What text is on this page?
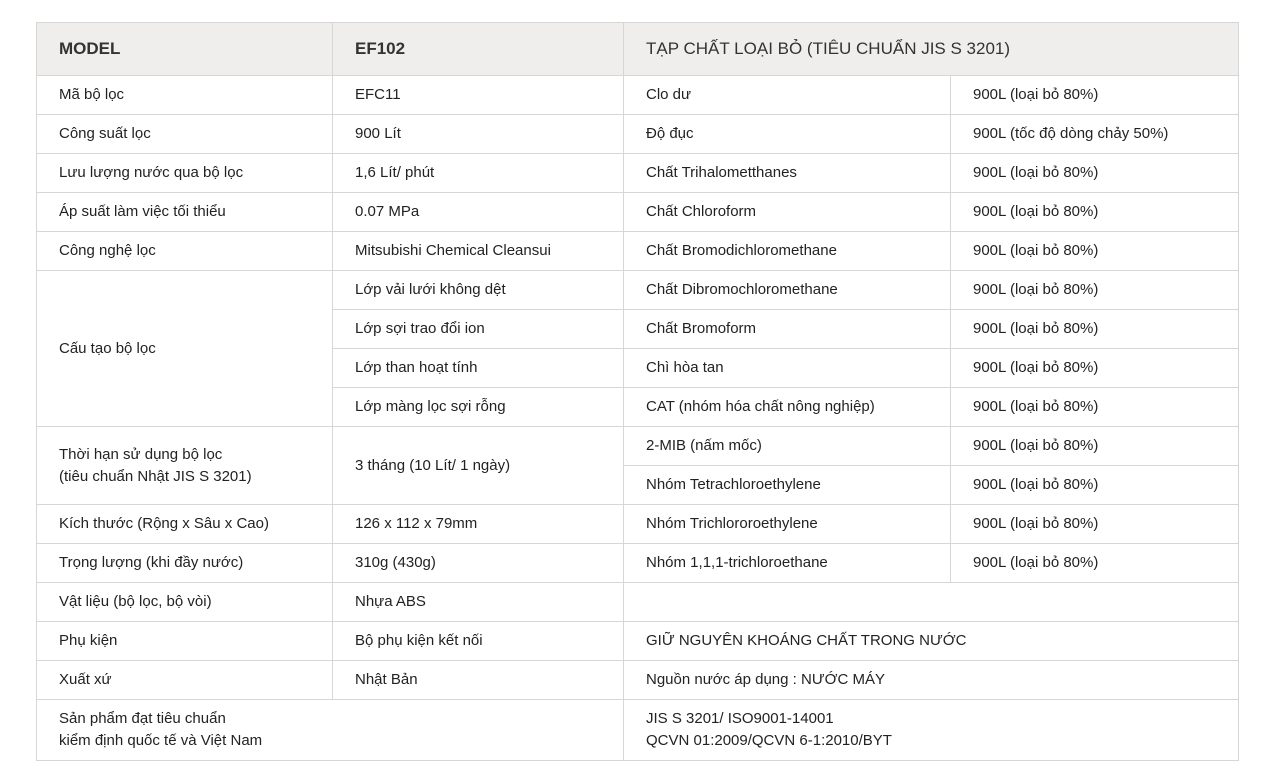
MODEL	EF102	TẠP CHẤT LOẠI BỎ (TIÊU CHUẨN JIS S 3201)	
Mã bộ lọc	EFC11	Clo dư	900L (loại bỏ 80%)
Công suất lọc	900 Lít	Độ đục	900L (tốc độ dòng chảy 50%)
Lưu lượng nước qua bộ lọc	1,6 Lít/ phút	Chất Trihalometthanes	900L (loại bỏ 80%)
Áp suất làm việc tối thiểu	0.07 MPa	Chất Chloroform	900L (loại bỏ 80%)
Công nghệ lọc	Mitsubishi Chemical Cleansui	Chất Bromodichloromethane	900L (loại bỏ 80%)
Cấu tạo bộ lọc	Lớp vải lưới không dệt	Chất Dibromochloromethane	900L (loại bỏ 80%)
	Lớp sợi trao đổi ion	Chất Bromoform	900L (loại bỏ 80%)
	Lớp than hoạt tính	Chì hòa tan	900L (loại bỏ 80%)
	Lớp màng lọc sợi rỗng	CAT (nhóm hóa chất nông nghiệp)	900L (loại bỏ 80%)

Thời hạn sử dụng bộ lọc
(tiêu chuẩn Nhật JIS S 3201)	3 tháng (10 Lít/ 1 ngày)	2-MIB (nấm mốc)	900L (loại bỏ 80%)
		Nhóm Tetrachloroethylene	900L (loại bỏ 80%)
Kích thước (Rộng x Sâu x Cao)	126 x 112 x 79mm	Nhóm Trichlororoethylene	900L (loại bỏ 80%)
Trọng lượng (khi đầy nước)	310g (430g)	Nhóm 1,1,1-trichloroethane	900L (loại bỏ 80%)
Vật liệu (bộ lọc, bộ vòi)	Nhựa ABS		
Phụ kiện	Bộ phụ kiện kết nối	GIỮ NGUYÊN KHOÁNG CHẤT TRONG NƯỚC	
Xuất xứ	Nhật Bản	Nguồn nước áp dụng : NƯỚC MÁY	

Sản phẩm đạt tiêu chuẩn
kiểm định quốc tế và Việt Nam		JIS S 3201/ ISO9001-14001
QCVN 01:2009/QCVN 6-1:2010/BYT	
